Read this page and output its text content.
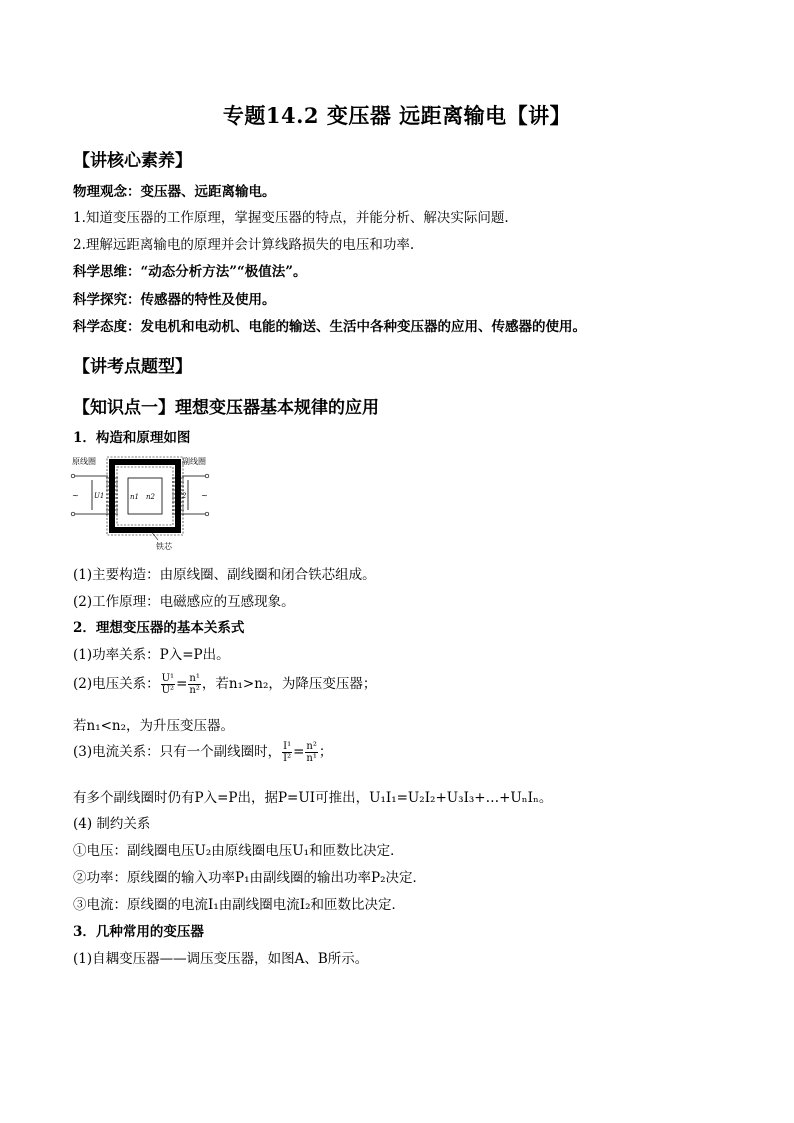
专题14.2 变压器 远距离输电【讲】
【讲核心素养】
物理观念：变压器、远距离输电。
1.知道变压器的工作原理，掌握变压器的特点，并能分析、解决实际问题.
2.理解远距离输电的原理并会计算线路损失的电压和功率.
科学思维：“动态分析方法”“极值法”。
科学探究：传感器的特性及使用。
科学态度：发电机和电动机、电能的输送、生活中各种变压器的应用、传感器的使用。
【讲考点题型】
【知识点一】理想变压器基本规律的应用
1．构造和原理如图
原线圈	副线圈
~	~
U1	U2
n1 n2
铁芯
(1)主要构造：由原线圈、副线圈和闭合铁芯组成。
(2)工作原理：电磁感应的互感现象。
2．理想变压器的基本关系式
(1)功率关系：P入=P出。
(2)电压关系： $\frac{\text{U¹}}{\text{U²}} = \frac{\text{n¹}}{\text{n²}}$ ，若n₁>n₂，为降压变压器；
若n₁<n₂，为升压变压器。
(3)电流关系：只有一个副线圈时， $\frac{\text{I¹}}{\text{I²}} = \frac{\text{n²}}{\text{n¹}}$ ；
有多个副线圈时仍有P入=P出，据P=UI可推出，U₁I₁=U₂I₂+U₃I₃+…+UₙIₙ。
(4) 制约关系
①电压：副线圈电压U₂由原线圈电压U₁和匝数比决定．
②功率：原线圈的输入功率P₁由副线圈的输出功率P₂决定．
③电流：原线圈的电流I₁由副线圈电流I₂和匝数比决定．
3．几种常用的变压器
(1)自耦变压器——调压变压器，如图A、B所示。
